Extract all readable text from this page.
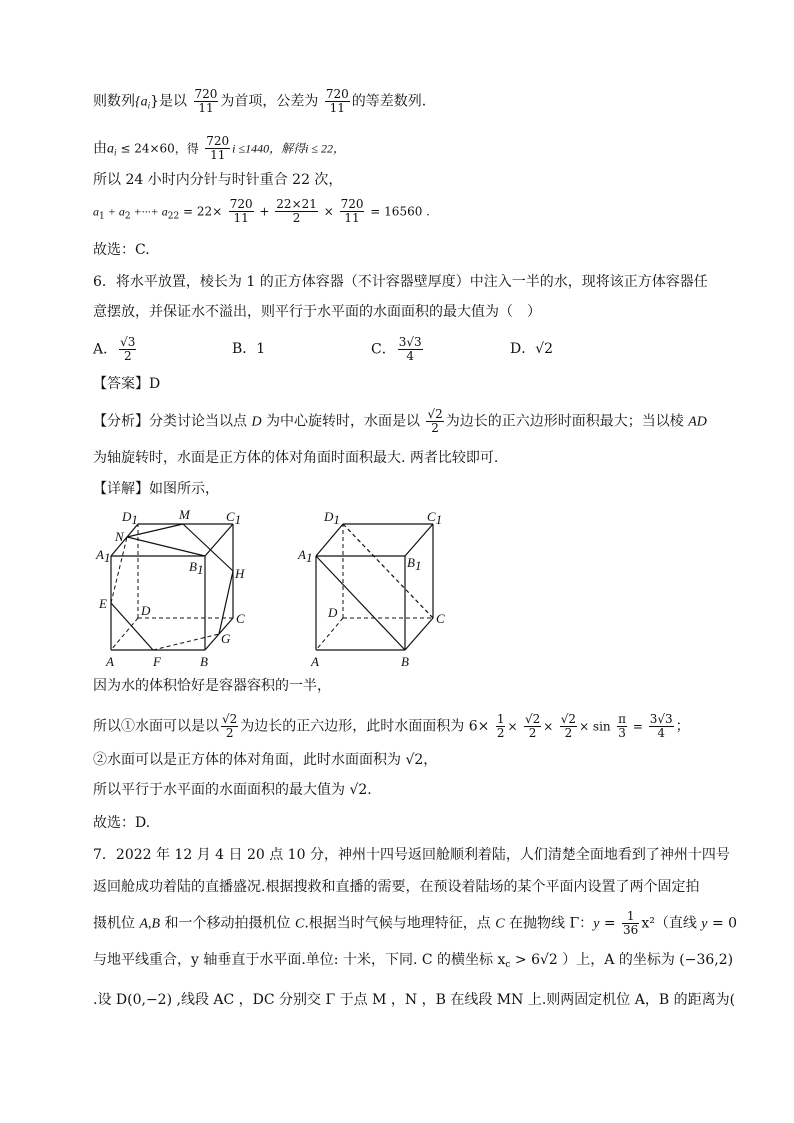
则数列$\{a_i\}$是以 $\frac{720}{11}$ 为首项，公差为 $\frac{720}{11}$ 的等差数列.
由$a_i \le 24\times 60$，得 $\frac{720}{11}$ i ≤1440，解得i ≤ 22，
所以 24 小时内分针与时针重合 22 次，
$a_1 + a_2$ +···+ $a_{22} = 22\times \frac{720}{11} + \frac{22\times 21}{2} \times \frac{720}{11} = 16560$ .
故选：C.
6．将水平放置，棱长为 1 的正方体容器（不计容器壁厚度）中注入一半的水，现将该正方体容器任
意摆放，并保证水不溢出，则平行于水平面的水面面积的最大值为（　）
A． $\frac{√3}{2}$	B．1	C． $\frac{3√3}{4}$	D．√2
【答案】D
【分析】分类讨论当以点 D 为中心旋转时，水面是以 $\frac{√2}{2}$ 为边长的正六边形时面积最大；当以棱 AD
为轴旋转时，水面是正方体的体对角面时面积最大. 两者比较即可.
【详解】如图所示，
D1	M	C1
N
A1
B1 H
E	D
C
G
A	F	B
D1	C1
A1	B1
D	C
A	B
因为水的体积恰好是容器容积的一半，
所以①水面可以是以 $\frac{√2}{2}$ 为边长的正六边形，此时水面面积为 $6\times \frac{1}{2} \times \frac{√2}{2} \times \frac{√2}{2} \times \sin \frac{\pi}{3} = \frac{3√3}{4}$ ；
②水面可以是正方体的体对角面，此时水面面积为 √2，
所以平行于水平面的水面面积的最大值为 √2.
故选：D.
7．2022 年 12 月 4 日 20 点 10 分，神州十四号返回舱顺利着陆，人们清楚全面地看到了神州十四号
返回舱成功着陆的直播盛况.根据搜救和直播的需要，在预设着陆场的某个平面内设置了两个固定拍
摄机位 A,B 和一个移动拍摄机位 C.根据当时气候与地理特征，点 C 在抛物线 Γ：$y = \frac{1}{36} x^2$（直线 y = 0
与地平线重合，y 轴垂直于水平面.单位: 十米，下同. C 的横坐标 $x_c > 6√2$ ）上，A 的坐标为 (−36,2)
.设 D(0,−2) ,线段 AC ，DC 分别交 Γ 于点 M ，N ，B 在线段 MN 上.则两固定机位 A，B 的距离为(
